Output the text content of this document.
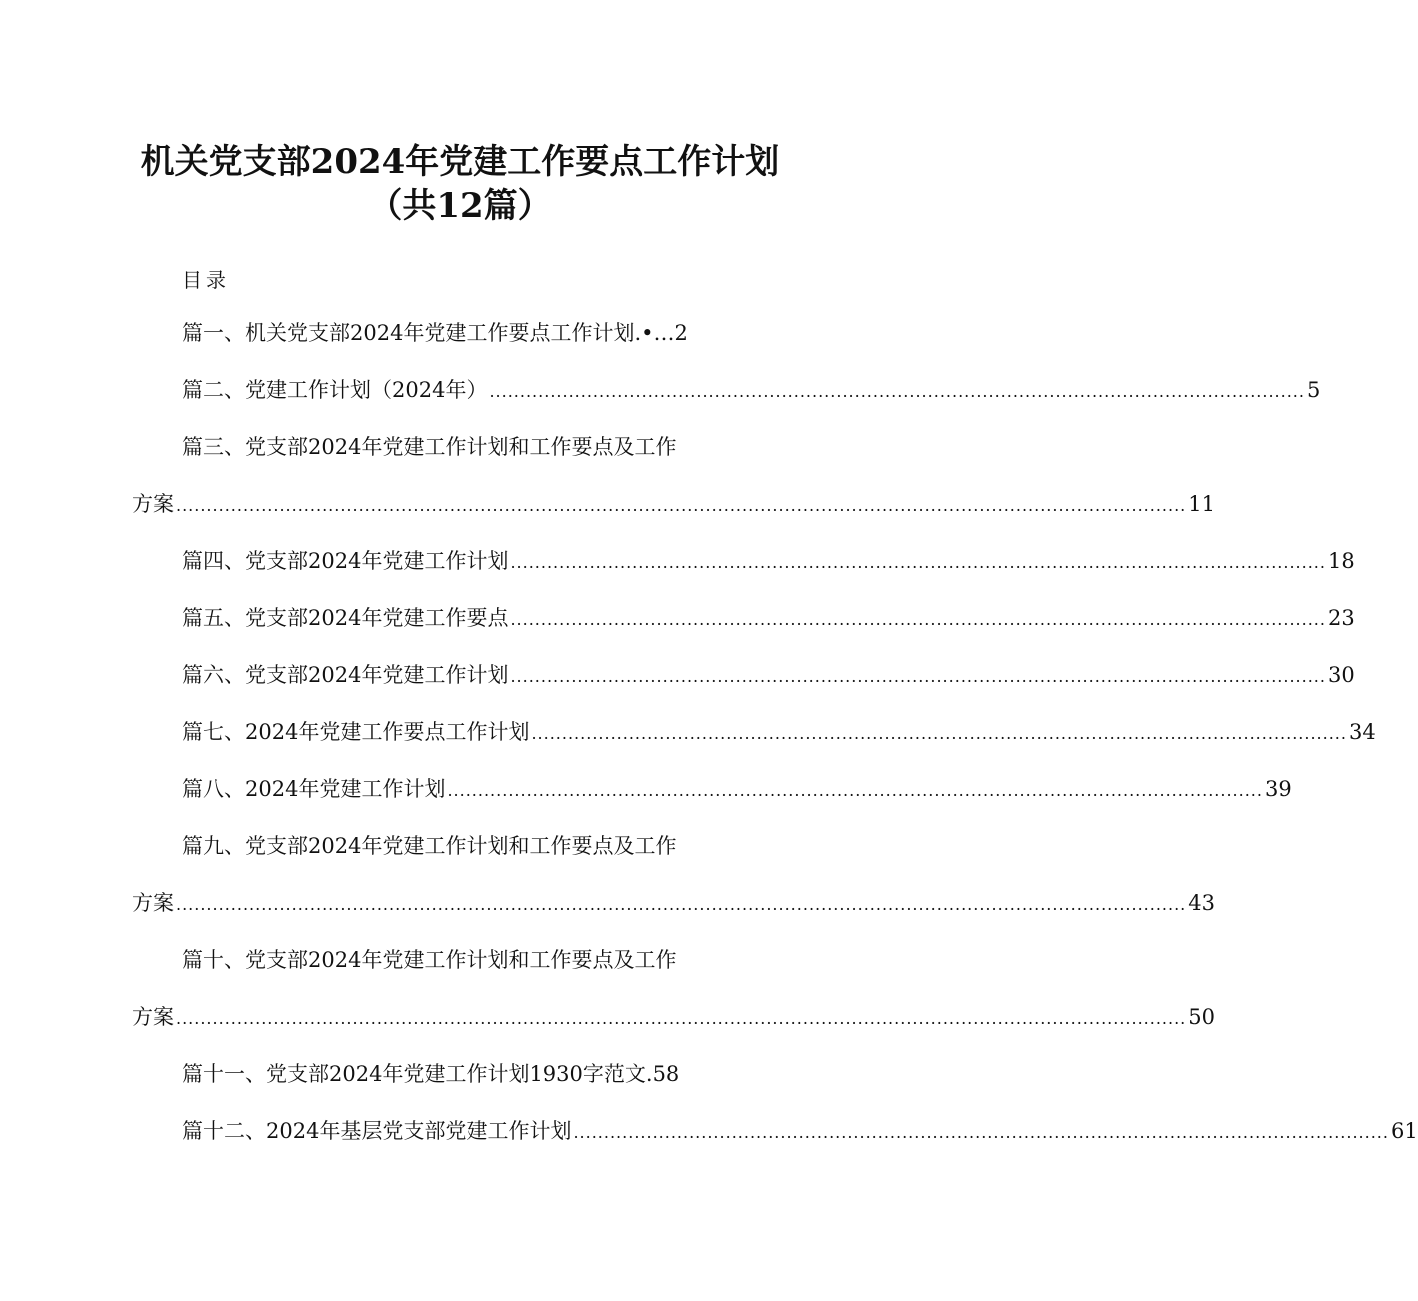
机关党支部2024年党建工作要点工作计划
（共12篇）
目录
篇一、机关党支部2024年党建工作要点工作计划.•… 2
篇二、党建工作计划（2024年） ...................................................................................................................................... 5
篇三、党支部2024年党建工作计划和工作要点及工作
方案 ...................................................................................................................................................................... 11
篇四、党支部2024年党建工作计划 ...................................................................................................................................... 18
篇五、党支部2024年党建工作要点 ...................................................................................................................................... 23
篇六、党支部2024年党建工作计划 ...................................................................................................................................... 30
篇七、2024年党建工作要点工作计划 ...................................................................................................................................... 34
篇八、2024年党建工作计划 ...................................................................................................................................... 39
篇九、党支部2024年党建工作计划和工作要点及工作
方案 ...................................................................................................................................................................... 43
篇十、党支部2024年党建工作计划和工作要点及工作
方案 ...................................................................................................................................................................... 50
篇十一、党支部2024年党建工作计划1930字范文. 58
篇十二、2024年基层党支部党建工作计划 ...................................................................................................................................... 61
